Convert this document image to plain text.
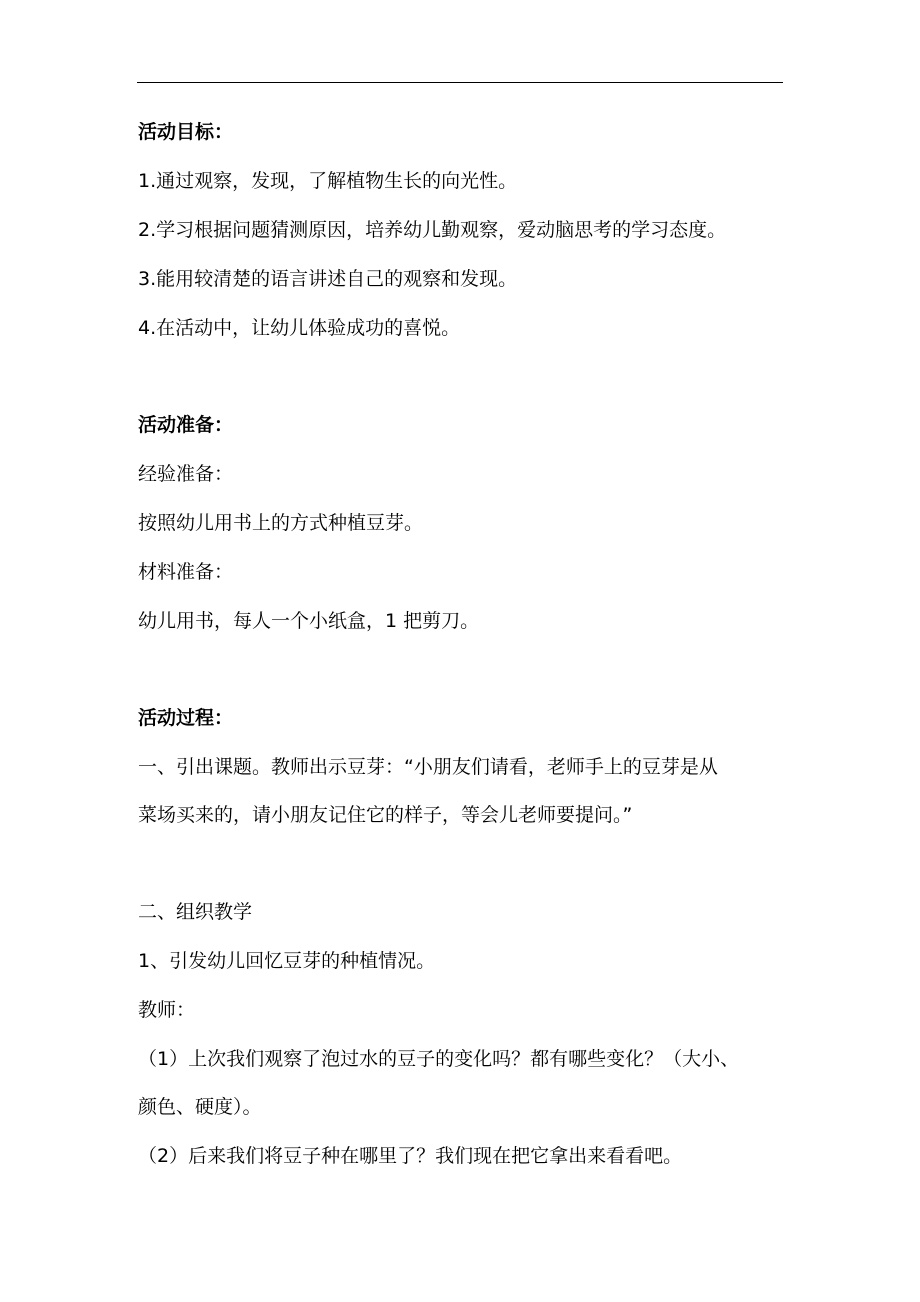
活动目标：

1.通过观察，发现，了解植物生长的向光性。

2.学习根据问题猜测原因，培养幼儿勤观察，爱动脑思考的学习态度。

3.能用较清楚的语言讲述自己的观察和发现。

4.在活动中，让幼儿体验成功的喜悦。

活动准备：

经验准备：

按照幼儿用书上的方式种植豆芽。

材料准备：

幼儿用书，每人一个小纸盒，1 把剪刀。

活动过程：

一、引出课题。教师出示豆芽：“小朋友们请看，老师手上的豆芽是从

菜场买来的，请小朋友记住它的样子，等会儿老师要提问。”

二、组织教学

1、引发幼儿回忆豆芽的种植情况。

教师：

（1）上次我们观察了泡过水的豆子的变化吗？都有哪些变化？（大小、

颜色、硬度）。

（2）后来我们将豆子种在哪里了？我们现在把它拿出来看看吧。
